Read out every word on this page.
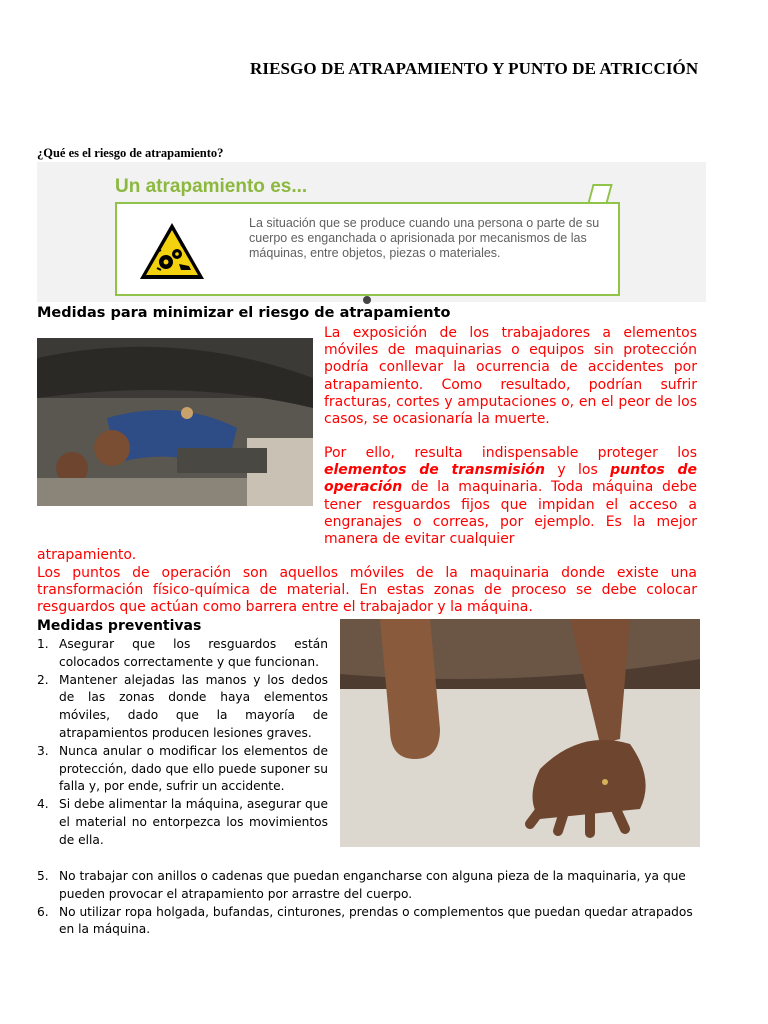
RIESGO DE ATRAPAMIENTO Y PUNTO DE ATRICCIÓN
¿Qué es el riesgo de atrapamiento?
Un atrapamiento es...
La situación que se produce cuando una persona o parte de su cuerpo es enganchada o aprisionada por mecanismos de las máquinas, entre objetos, piezas o materiales.
Medidas para minimizar el riesgo de atrapamiento
La exposición de los trabajadores a elementos móviles de maquinarias o equipos sin protección podría conllevar la ocurrencia de accidentes por atrapamiento. Como resultado, podrían sufrir fracturas, cortes y amputaciones o, en el peor de los casos, se ocasionaría la muerte.
Por ello, resulta indispensable proteger los elementos de transmisión y los puntos de operación de la maquinaria. Toda máquina debe tener resguardos fijos que impidan el acceso a engranajes o correas, por ejemplo. Es la mejor manera de evitar cualquier
atrapamiento.
Los puntos de operación son aquellos móviles de la maquinaria donde existe una transformación físico-química de material. En estas zonas de proceso se debe colocar resguardos que actúan como barrera entre el trabajador y la máquina.
Medidas preventivas
1. Asegurar que los resguardos están colocados correctamente y que funcionan.
2. Mantener alejadas las manos y los dedos de las zonas donde haya elementos móviles, dado que la mayoría de atrapamientos producen lesiones graves.
3. Nunca anular o modificar los elementos de protección, dado que ello puede suponer su falla y, por ende, sufrir un accidente.
4. Si debe alimentar la máquina, asegurar que el material no entorpezca los movimientos de ella.
5. No trabajar con anillos o cadenas que puedan engancharse con alguna pieza de la maquinaria, ya que pueden provocar el atrapamiento por arrastre del cuerpo.
6. No utilizar ropa holgada, bufandas, cinturones, prendas o complementos que puedan quedar atrapados en la máquina.
